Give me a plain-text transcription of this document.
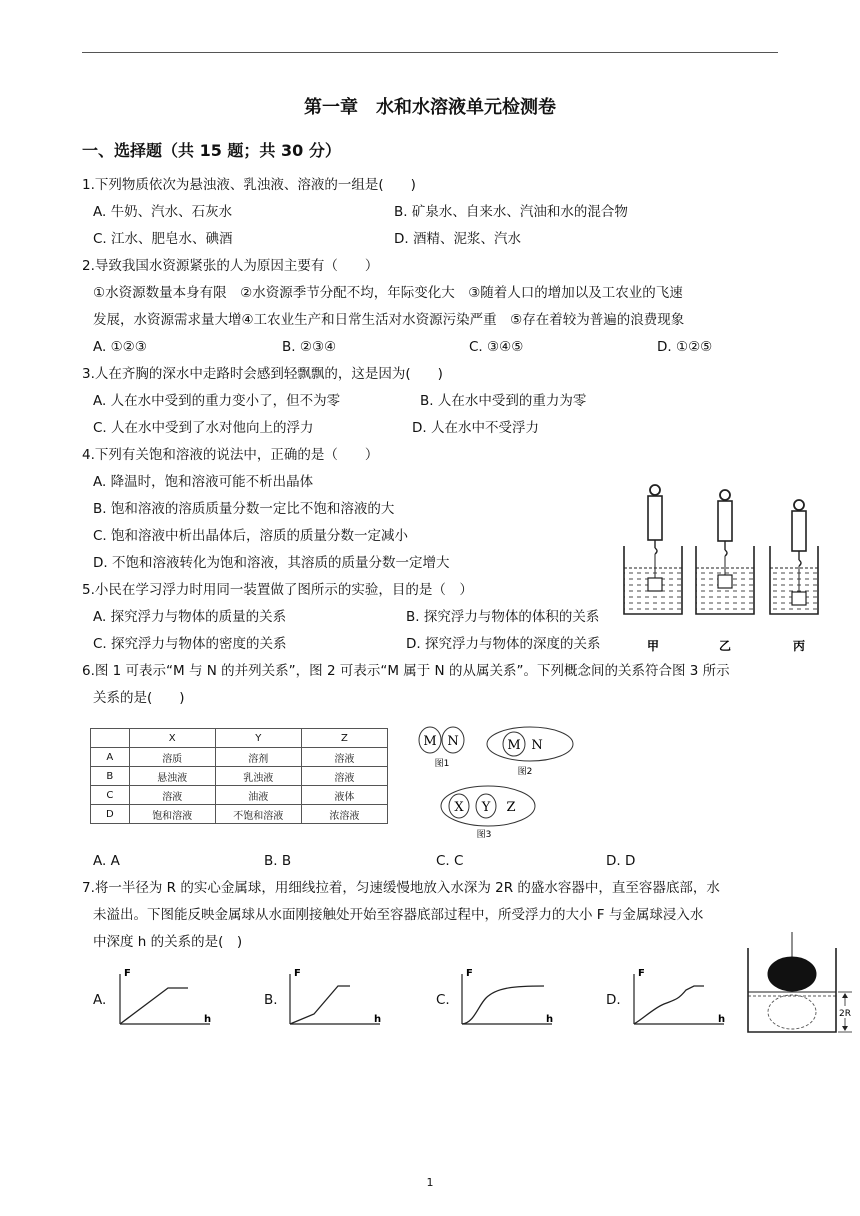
第一章　水和水溶液单元检测卷
一、选择题（共 15 题；共 30 分）
1.下列物质依次为悬浊液、乳浊液、溶液的一组是(　　)
A. 牛奶、汽水、石灰水	B. 矿泉水、自来水、汽油和水的混合物
C. 江水、肥皂水、碘酒	D. 酒精、泥浆、汽水
2.导致我国水资源紧张的人为原因主要有（　　）
①水资源数量本身有限　②水资源季节分配不均，年际变化大　③随着人口的增加以及工农业的飞速
发展，水资源需求量大增④工农业生产和日常生活对水资源污染严重　⑤存在着较为普遍的浪费现象
A. ①②③	B. ②③④	C. ③④⑤	D. ①②⑤
3.人在齐胸的深水中走路时会感到轻飘飘的，这是因为(　　)
A. 人在水中受到的重力变小了，但不为零	B. 人在水中受到的重力为零
C. 人在水中受到了水对他向上的浮力	D. 人在水中不受浮力
4.下列有关饱和溶液的说法中，正确的是（　　）
A. 降温时，饱和溶液可能不析出晶体
B. 饱和溶液的溶质质量分数一定比不饱和溶液的大
C. 饱和溶液中析出晶体后，溶质的质量分数一定减小
D. 不饱和溶液转化为饱和溶液，其溶质的质量分数一定增大
5.小民在学习浮力时用同一装置做了图所示的实验，目的是（　）
A. 探究浮力与物体的质量的关系	B. 探究浮力与物体的体积的关系
C. 探究浮力与物体的密度的关系	D. 探究浮力与物体的深度的关系	甲	乙	丙
6.图 1 可表示“M 与 N 的并列关系”，图 2 可表示“M 属于 N 的从属关系”。下列概念间的关系符合图 3 所示
关系的是(　　)
	X	Y	Z
A	溶质	溶剂	溶液
B	悬浊液	乳浊液	溶液
C	溶液	油液	液体
D	饱和溶液	不饱和溶液	浓溶液
M N
图1
M N
图2
X Y Z
图3
A. A	B. B	C. C	D. D
7.将一半径为 R 的实心金属球，用细线拉着，匀速缓慢地放入水深为 2R 的盛水容器中，直至容器底部，水
未溢出。下图能反映金属球从水面刚接触处开始至容器底部过程中，所受浮力的大小 F 与金属球浸入水
中深度 h 的关系的是(　)
A.
F
h
B.
F
h
C.
F
h
D.
F
h	2R
1
